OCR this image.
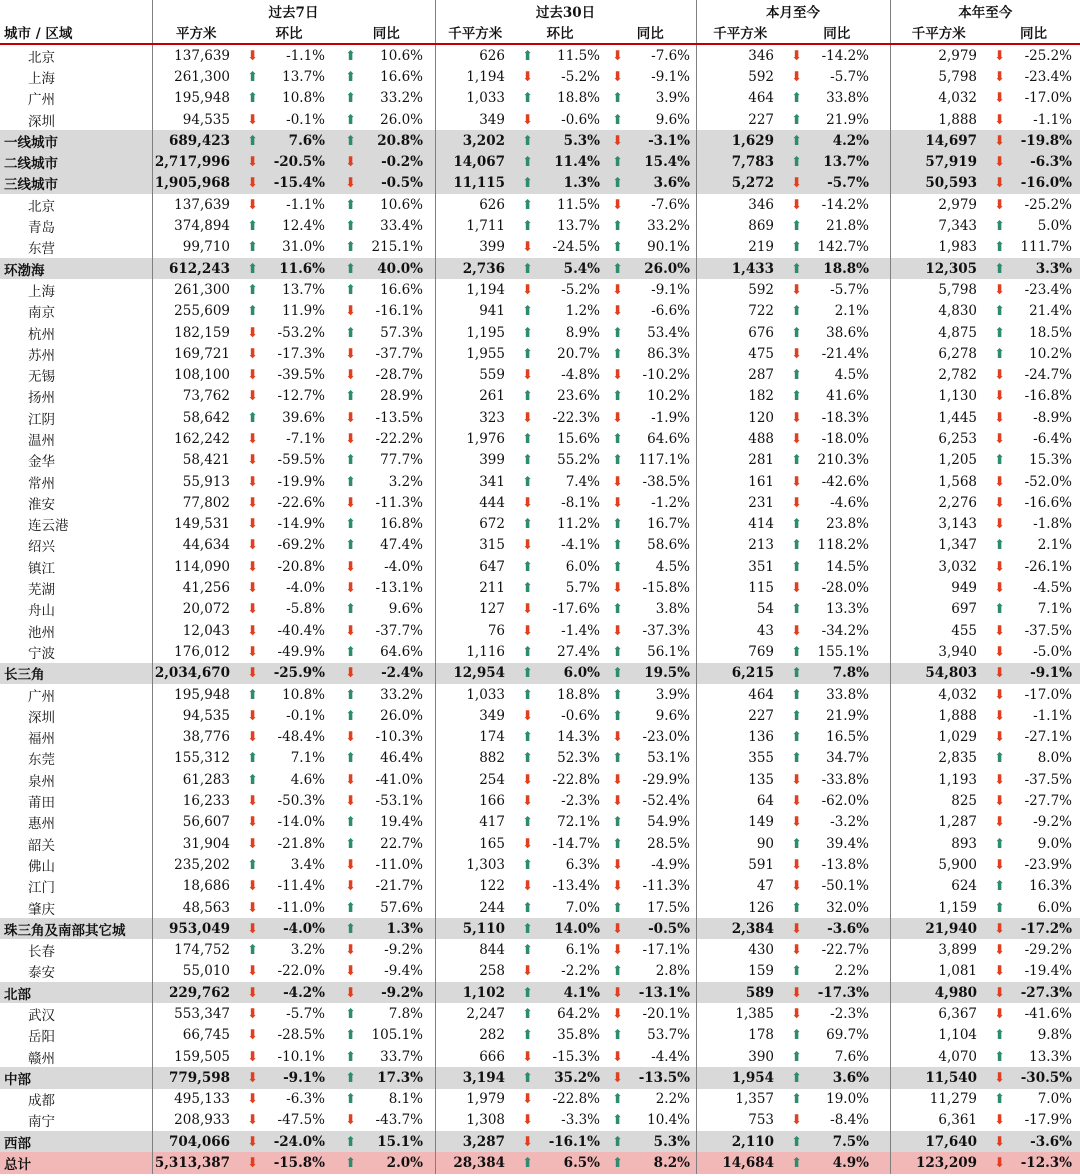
	过去7日			过去30日			本月至今		本年至今	
城市 / 区域	平方米	环比	同比	千平方米	环比	同比	千平方米	同比	千平方米	同比
北京	137,639	⬇ -1.1%	⬆ 10.6%	626	⬆ 11.5%	⬇ -7.6%	346	⬇ -14.2%	2,979	⬇ -25.2%
上海	261,300	⬆ 13.7%	⬆ 16.6%	1,194	⬇ -5.2%	⬇ -9.1%	592	⬇ -5.7%	5,798	⬇ -23.4%
广州	195,948	⬆ 10.8%	⬆ 33.2%	1,033	⬆ 18.8%	⬆ 3.9%	464	⬆ 33.8%	4,032	⬇ -17.0%
深圳	94,535	⬇ -0.1%	⬆ 26.0%	349	⬇ -0.6%	⬆ 9.6%	227	⬆ 21.9%	1,888	⬇ -1.1%
一线城市	689,423	⬆ 7.6%	⬆ 20.8%	3,202	⬆ 5.3%	⬇ -3.1%	1,629	⬆ 4.2%	14,697	⬇ -19.8%
二线城市	2,717,996	⬇ -20.5%	⬇ -0.2%	14,067	⬆ 11.4%	⬆ 15.4%	7,783	⬆ 13.7%	57,919	⬇ -6.3%
三线城市	1,905,968	⬇ -15.4%	⬇ -0.5%	11,115	⬆ 1.3%	⬆ 3.6%	5,272	⬇ -5.7%	50,593	⬇ -16.0%
北京	137,639	⬇ -1.1%	⬆ 10.6%	626	⬆ 11.5%	⬇ -7.6%	346	⬇ -14.2%	2,979	⬇ -25.2%
青岛	374,894	⬆ 12.4%	⬆ 33.4%	1,711	⬆ 13.7%	⬆ 33.2%	869	⬆ 21.8%	7,343	⬆ 5.0%
东营	99,710	⬆ 31.0%	⬆ 215.1%	399	⬇ -24.5%	⬆ 90.1%	219	⬆ 142.7%	1,983	⬆ 111.7%
环渤海	612,243	⬆ 11.6%	⬆ 40.0%	2,736	⬆ 5.4%	⬆ 26.0%	1,433	⬆ 18.8%	12,305	⬆ 3.3%
上海	261,300	⬆ 13.7%	⬆ 16.6%	1,194	⬇ -5.2%	⬇ -9.1%	592	⬇ -5.7%	5,798	⬇ -23.4%
南京	255,609	⬆ 11.9%	⬇ -16.1%	941	⬆ 1.2%	⬇ -6.6%	722	⬆ 2.1%	4,830	⬆ 21.4%
杭州	182,159	⬇ -53.2%	⬆ 57.3%	1,195	⬆ 8.9%	⬆ 53.4%	676	⬆ 38.6%	4,875	⬆ 18.5%
苏州	169,721	⬇ -17.3%	⬇ -37.7%	1,955	⬆ 20.7%	⬆ 86.3%	475	⬇ -21.4%	6,278	⬆ 10.2%
无锡	108,100	⬇ -39.5%	⬇ -28.7%	559	⬇ -4.8%	⬇ -10.2%	287	⬆ 4.5%	2,782	⬇ -24.7%
扬州	73,762	⬇ -12.7%	⬆ 28.9%	261	⬆ 23.6%	⬆ 10.2%	182	⬆ 41.6%	1,130	⬇ -16.8%
江阴	58,642	⬆ 39.6%	⬇ -13.5%	323	⬇ -22.3%	⬇ -1.9%	120	⬇ -18.3%	1,445	⬇ -8.9%
温州	162,242	⬇ -7.1%	⬇ -22.2%	1,976	⬆ 15.6%	⬆ 64.6%	488	⬇ -18.0%	6,253	⬇ -6.4%
金华	58,421	⬇ -59.5%	⬆ 77.7%	399	⬆ 55.2%	⬆ 117.1%	281	⬆ 210.3%	1,205	⬆ 15.3%
常州	55,913	⬇ -19.9%	⬆ 3.2%	341	⬆ 7.4%	⬇ -38.5%	161	⬇ -42.6%	1,568	⬇ -52.0%
淮安	77,802	⬇ -22.6%	⬇ -11.3%	444	⬇ -8.1%	⬇ -1.2%	231	⬇ -4.6%	2,276	⬇ -16.6%
连云港	149,531	⬇ -14.9%	⬆ 16.8%	672	⬆ 11.2%	⬆ 16.7%	414	⬆ 23.8%	3,143	⬇ -1.8%
绍兴	44,634	⬇ -69.2%	⬆ 47.4%	315	⬇ -4.1%	⬆ 58.6%	213	⬆ 118.2%	1,347	⬆ 2.1%
镇江	114,090	⬇ -20.8%	⬇ -4.0%	647	⬆ 6.0%	⬆ 4.5%	351	⬆ 14.5%	3,032	⬇ -26.1%
芜湖	41,256	⬇ -4.0%	⬇ -13.1%	211	⬆ 5.7%	⬇ -15.8%	115	⬇ -28.0%	949	⬇ -4.5%
舟山	20,072	⬇ -5.8%	⬆ 9.6%	127	⬇ -17.6%	⬆ 3.8%	54	⬆ 13.3%	697	⬆ 7.1%
池州	12,043	⬇ -40.4%	⬇ -37.7%	76	⬇ -1.4%	⬇ -37.3%	43	⬇ -34.2%	455	⬇ -37.5%
宁波	176,012	⬇ -49.9%	⬆ 64.6%	1,116	⬆ 27.4%	⬆ 56.1%	769	⬆ 155.1%	3,940	⬇ -5.0%
长三角	2,034,670	⬇ -25.9%	⬇ -2.4%	12,954	⬆ 6.0%	⬆ 19.5%	6,215	⬆ 7.8%	54,803	⬇ -9.1%
广州	195,948	⬆ 10.8%	⬆ 33.2%	1,033	⬆ 18.8%	⬆ 3.9%	464	⬆ 33.8%	4,032	⬇ -17.0%
深圳	94,535	⬇ -0.1%	⬆ 26.0%	349	⬇ -0.6%	⬆ 9.6%	227	⬆ 21.9%	1,888	⬇ -1.1%
福州	38,776	⬇ -48.4%	⬇ -10.3%	174	⬆ 14.3%	⬇ -23.0%	136	⬆ 16.5%	1,029	⬇ -27.1%
东莞	155,312	⬆ 7.1%	⬆ 46.4%	882	⬆ 52.3%	⬆ 53.1%	355	⬆ 34.7%	2,835	⬆ 8.0%
泉州	61,283	⬆ 4.6%	⬇ -41.0%	254	⬇ -22.8%	⬇ -29.9%	135	⬇ -33.8%	1,193	⬇ -37.5%
莆田	16,233	⬇ -50.3%	⬇ -53.1%	166	⬇ -2.3%	⬇ -52.4%	64	⬇ -62.0%	825	⬇ -27.7%
惠州	56,607	⬇ -14.0%	⬆ 19.4%	417	⬆ 72.1%	⬆ 54.9%	149	⬇ -3.2%	1,287	⬇ -9.2%
韶关	31,904	⬇ -21.8%	⬆ 22.7%	165	⬇ -14.7%	⬆ 28.5%	90	⬆ 39.4%	893	⬆ 9.0%
佛山	235,202	⬆ 3.4%	⬇ -11.0%	1,303	⬆ 6.3%	⬇ -4.9%	591	⬇ -13.8%	5,900	⬇ -23.9%
江门	18,686	⬇ -11.4%	⬇ -21.7%	122	⬇ -13.4%	⬇ -11.3%	47	⬇ -50.1%	624	⬆ 16.3%
肇庆	48,563	⬇ -11.0%	⬆ 57.6%	244	⬆ 7.0%	⬆ 17.5%	126	⬆ 32.0%	1,159	⬆ 6.0%
珠三角及南部其它城	953,049	⬇ -4.0%	⬆ 1.3%	5,110	⬆ 14.0%	⬇ -0.5%	2,384	⬇ -3.6%	21,940	⬇ -17.2%
长春	174,752	⬆ 3.2%	⬇ -9.2%	844	⬆ 6.1%	⬇ -17.1%	430	⬇ -22.7%	3,899	⬇ -29.2%
泰安	55,010	⬇ -22.0%	⬇ -9.4%	258	⬇ -2.2%	⬆ 2.8%	159	⬆ 2.2%	1,081	⬇ -19.4%
北部	229,762	⬇ -4.2%	⬇ -9.2%	1,102	⬆ 4.1%	⬇ -13.1%	589	⬇ -17.3%	4,980	⬇ -27.3%
武汉	553,347	⬇ -5.7%	⬆ 7.8%	2,247	⬆ 64.2%	⬇ -20.1%	1,385	⬇ -2.3%	6,367	⬇ -41.6%
岳阳	66,745	⬇ -28.5%	⬆ 105.1%	282	⬆ 35.8%	⬆ 53.7%	178	⬆ 69.7%	1,104	⬆ 9.8%
赣州	159,505	⬇ -10.1%	⬆ 33.7%	666	⬇ -15.3%	⬇ -4.4%	390	⬆ 7.6%	4,070	⬆ 13.3%
中部	779,598	⬇ -9.1%	⬆ 17.3%	3,194	⬆ 35.2%	⬇ -13.5%	1,954	⬆ 3.6%	11,540	⬇ -30.5%
成都	495,133	⬇ -6.3%	⬆ 8.1%	1,979	⬇ -22.8%	⬆ 2.2%	1,357	⬆ 19.0%	11,279	⬆ 7.0%
南宁	208,933	⬇ -47.5%	⬇ -43.7%	1,308	⬇ -3.3%	⬆ 10.4%	753	⬇ -8.4%	6,361	⬇ -17.9%
西部	704,066	⬇ -24.0%	⬆ 15.1%	3,287	⬇ -16.1%	⬆ 5.3%	2,110	⬆ 7.5%	17,640	⬇ -3.6%
总计	5,313,387	⬇ -15.8%	⬆ 2.0%	28,384	⬆ 6.5%	⬆ 8.2%	14,684	⬆ 4.9%	123,209	⬇ -12.3%
